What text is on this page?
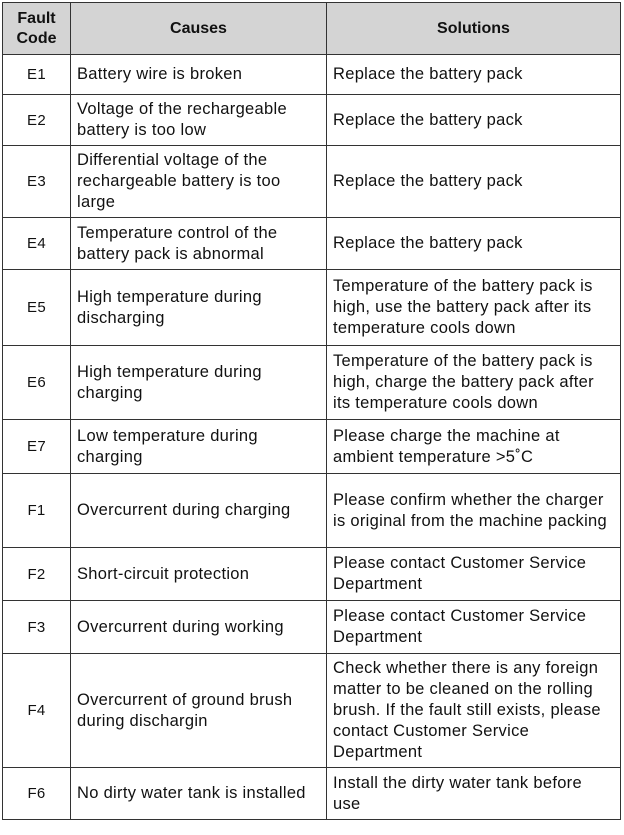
Fault
Code	Causes	Solutions
E1	Battery wire is broken	Replace the battery pack
E2	Voltage of the rechargeable battery is too low	Replace the battery pack
E3	Differential voltage of the rechargeable battery is too large	Replace the battery pack
E4	Temperature control of the battery pack is abnormal	Replace the battery pack
E5	High temperature during discharging	Temperature of the battery pack is high, use the battery pack after its temperature cools down
E6	High temperature during charging	Temperature of the battery pack is high, charge the battery pack after its temperature cools down
E7	Low temperature during charging	Please charge the machine at ambient temperature >5˚C
F1	Overcurrent during charging	Please confirm whether the charger is original from the machine packing
F2	Short-circuit protection	Please contact Customer Service Department
F3	Overcurrent during working	Please contact Customer Service Department
F4	Overcurrent of ground brush during dischargin	Check whether there is any foreign matter to be cleaned on the rolling brush. If the fault still exists, please contact Customer Service Department
F6	No dirty water tank is installed	Install the dirty water tank before use
